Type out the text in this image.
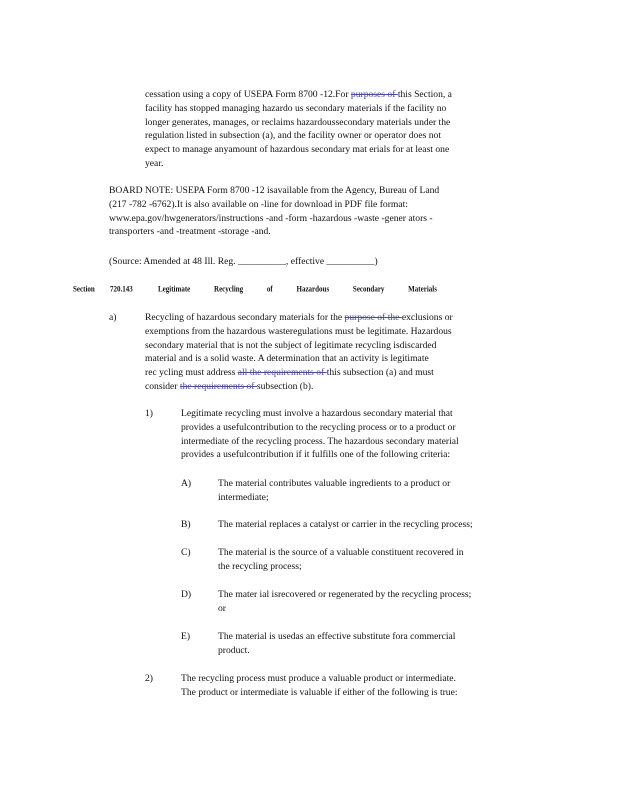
cessation using a copy of USEPA Form 8700 -12.For purposes of this Section, a
facility has stopped managing hazardo us secondary materials if the facility no
longer generates, manages, or reclaims hazardoussecondary materials under the
regulation listed in subsection (a), and the facility owner or operator does not
expect to manage anyamount of hazardous secondary mat erials for at least one
year.
BOARD NOTE: USEPA Form 8700 -12 isavailable from the Agency, Bureau of Land
(217 -782 -6762).It is also available on -line for download in PDF file format:
www.epa.gov/hwgenerators/instructions -and -form -hazardous -waste -gener ators -
transporters -and -treatment -storage -and.
(Source: Amended at 48 Ill. Reg. __________, effective __________)
Section 720.143	Legitimate Recycling of Hazardous Secondary Materials
a)	Recycling of hazardous secondary materials for the purpose of the exclusions or
exemptions from the hazardous wasteregulations must be legitimate. Hazardous
secondary material that is not the subject of legitimate recycling isdiscarded
material and is a solid waste. A determination that an activity is legitimate
rec ycling must address all the requirements of this subsection (a) and must
consider the requirements of subsection (b).
1)	Legitimate recycling must involve a hazardous secondary material that
provides a usefulcontribution to the recycling process or to a product or
intermediate of the recycling process. The hazardous secondary material
provides a usefulcontribution if it fulfills one of the following criteria:
A)	The material contributes valuable ingredients to a product or
intermediate;
B)	The material replaces a catalyst or carrier in the recycling process;
C)	The material is the source of a valuable constituent recovered in
the recycling process;
D)	The mater ial isrecovered or regenerated by the recycling process;
or
E)	The material is usedas an effective substitute fora commercial
product.
2)	The recycling process must produce a valuable product or intermediate.
The product or intermediate is valuable if either of the following is true:
